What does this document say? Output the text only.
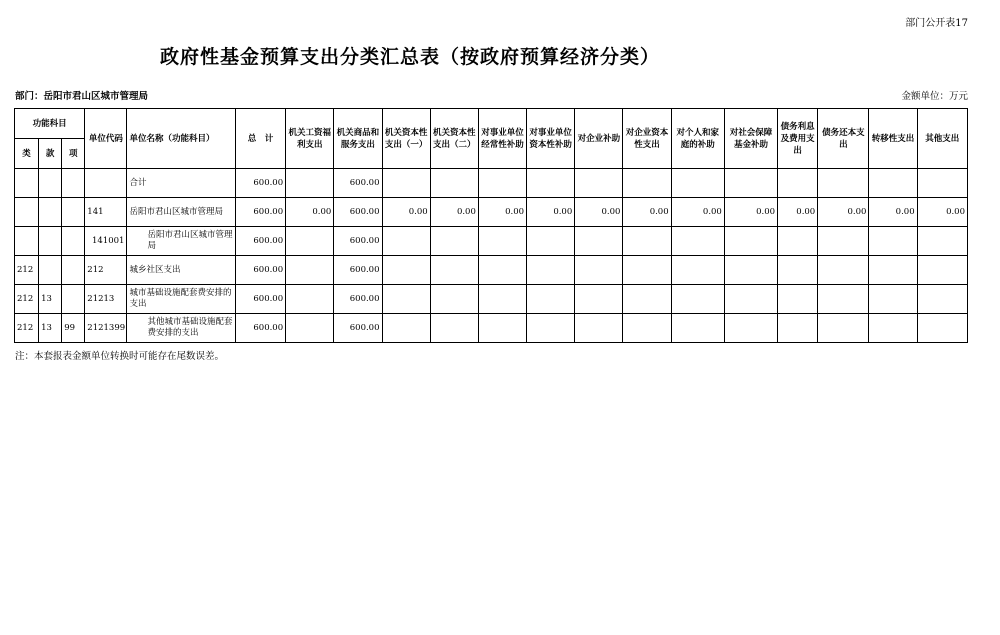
部门公开表17
政府性基金预算支出分类汇总表（按政府预算经济分类）
部门：岳阳市君山区城市管理局	金额单位：万元
功能科目			单位代码	单位名称（功能科目）	总　计	机关工资福利支出	机关商品和服务支出	机关资本性支出（一）	机关资本性支出（二）	对事业单位经常性补助	对事业单位资本性补助	对企业补助	对企业资本性支出	对个人和家庭的补助	对社会保障基金补助	债务利息及费用支出	债务还本支出	转移性支出	其他支出
类	款	项																	
				合计	600.00		600.00												
			141	岳阳市君山区城市管理局	600.00	0.00	600.00	0.00	0.00	0.00	0.00	0.00	0.00	0.00	0.00	0.00	0.00	0.00	0.00
			141001	岳阳市君山区城市管理局	600.00		600.00												
212			212	城乡社区支出	600.00		600.00												
212	13		21213	城市基础设施配套费安排的支出	600.00		600.00												
212	13	99	2121399	其他城市基础设施配套费安排的支出	600.00		600.00												
注：本套报表金额单位转换时可能存在尾数误差。
